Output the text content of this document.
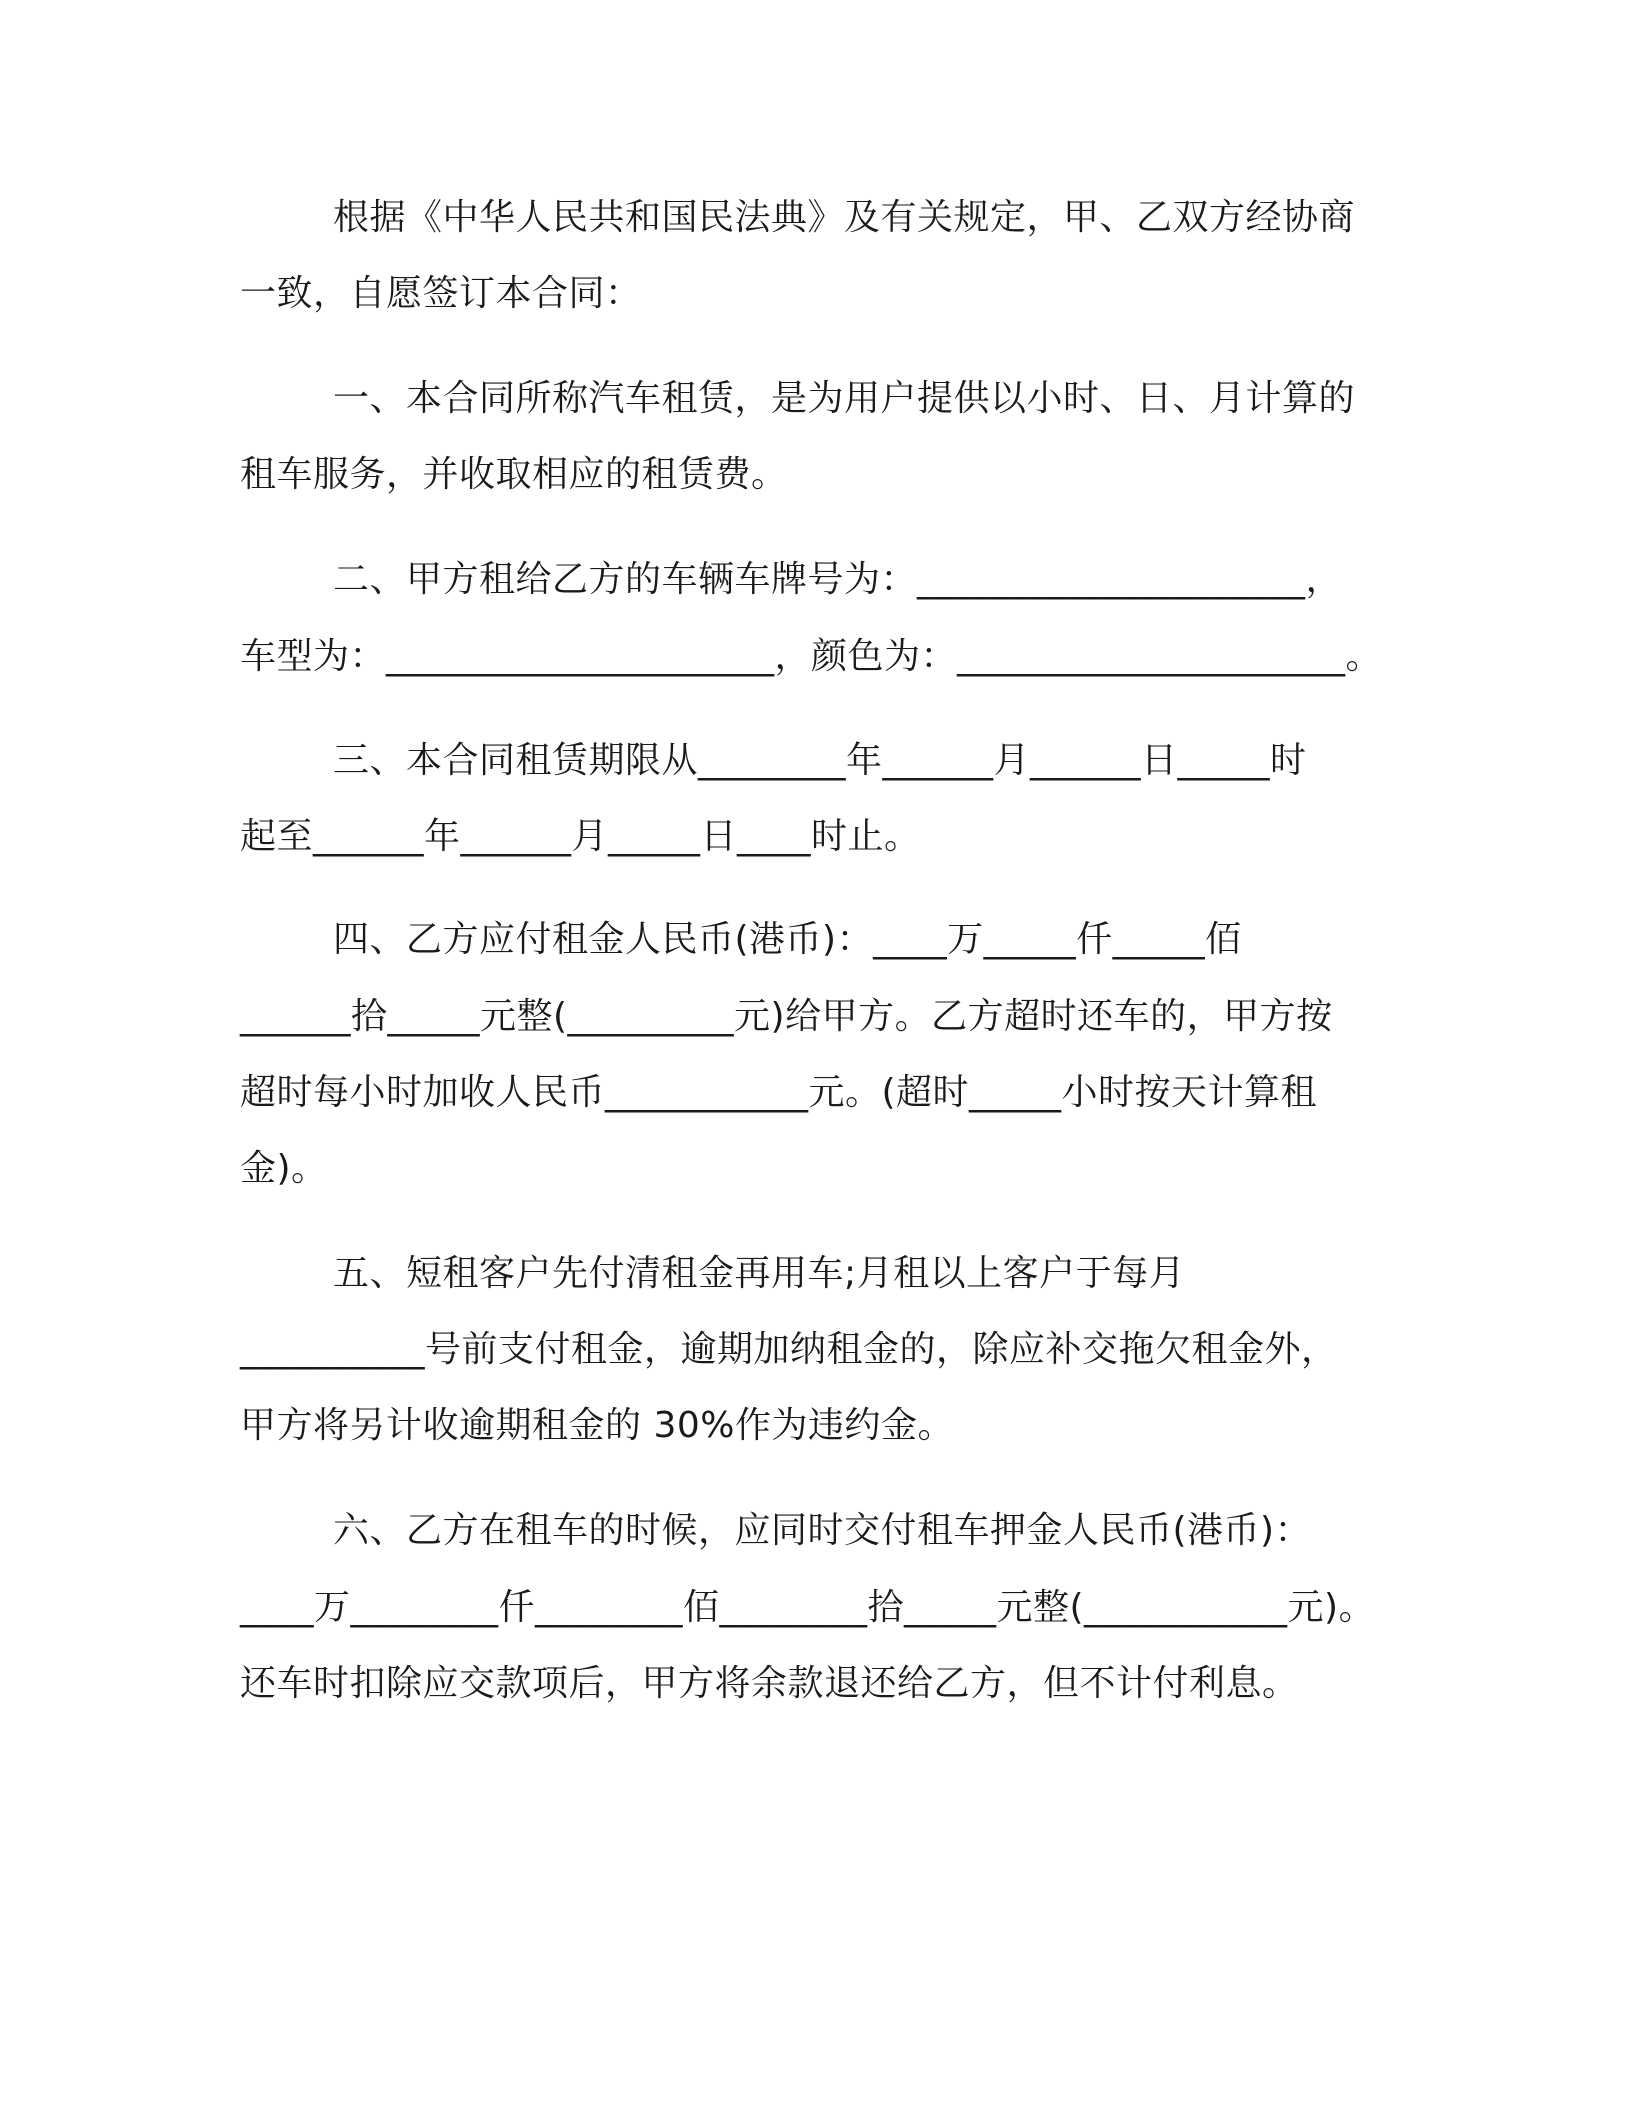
根据《中华人民共和国民法典》及有关规定，甲、乙双方经协商
一致，自愿签订本合同：
一、本合同所称汽车租赁，是为用户提供以小时、日、月计算的
租车服务，并收取相应的租赁费。
二、甲方租给乙方的车辆车牌号为：_____________________，
车型为：_____________________，颜色为：_____________________。
三、本合同租赁期限从________年______月______日_____时
起至______年______月_____日____时止。
四、乙方应付租金人民币(港币)：____万_____仟_____佰
______拾_____元整(_________元)给甲方。乙方超时还车的，甲方按
超时每小时加收人民币___________元。(超时_____小时按天计算租
金)。
五、短租客户先付清租金再用车;月租以上客户于每月
__________号前支付租金，逾期加纳租金的，除应补交拖欠租金外，
甲方将另计收逾期租金的 30%作为违约金。
六、乙方在租车的时候，应同时交付租车押金人民币(港币)：
____万________仟________佰________拾_____元整(___________元)。
还车时扣除应交款项后，甲方将余款退还给乙方，但不计付利息。
